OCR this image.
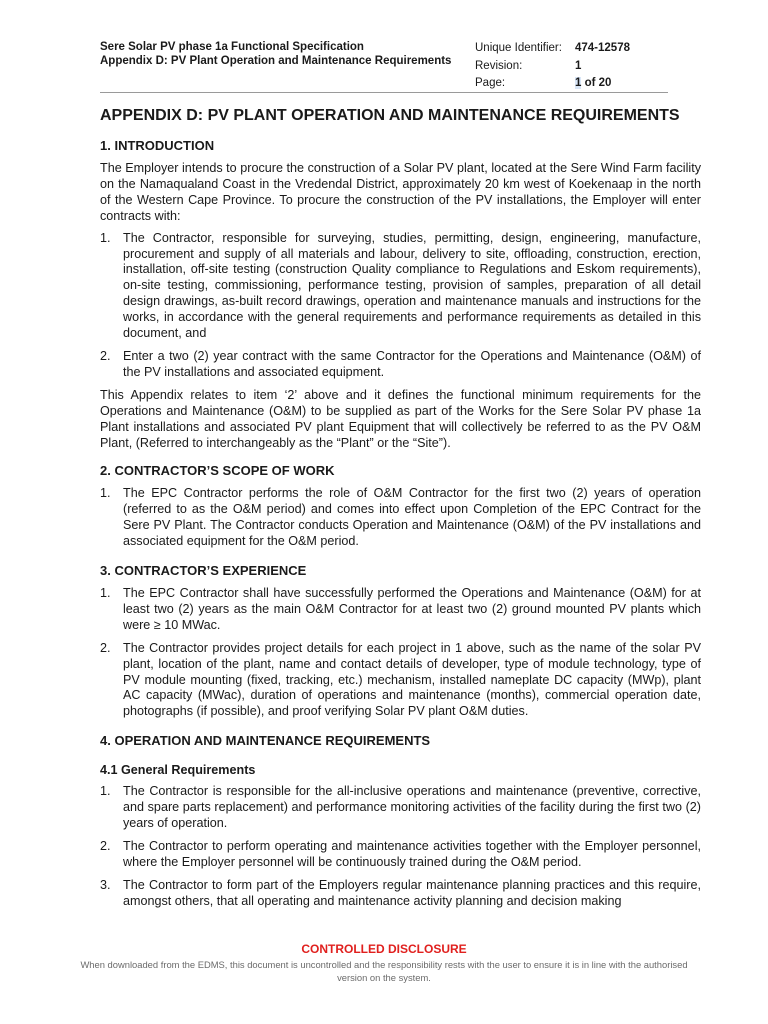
Sere Solar PV phase 1a Functional Specification

Appendix D: PV Plant Operation and Maintenance Requirements

Unique Identifier:	474-12578
Revision:	1
Page:	1 of 20
APPENDIX D: PV PLANT OPERATION AND MAINTENANCE REQUIREMENTS
1. INTRODUCTION

The Employer intends to procure the construction of a Solar PV plant, located at the Sere Wind Farm facility on the Namaqualand Coast in the Vredendal District, approximately 20 km west of Koekenaap in the north of the Western Cape Province. To procure the construction of the PV installations, the Employer will enter contracts with:

1. The Contractor, responsible for surveying, studies, permitting, design, engineering, manufacture, procurement and supply of all materials and labour, delivery to site, offloading, construction, erection, installation, off-site testing (construction Quality compliance to Regulations and Eskom requirements), on-site testing, commissioning, performance testing, provision of samples, preparation of all detail design drawings, as-built record drawings, operation and maintenance manuals and instructions for the works, in accordance with the general requirements and performance requirements as detailed in this document, and
2. Enter a two (2) year contract with the same Contractor for the Operations and Maintenance (O&M) of the PV installations and associated equipment.

This Appendix relates to item ‘2’ above and it defines the functional minimum requirements for the Operations and Maintenance (O&M) to be supplied as part of the Works for the Sere Solar PV phase 1a Plant installations and associated PV plant Equipment that will collectively be referred to as the PV O&M Plant, (Referred to interchangeably as the “Plant” or the “Site”).

2. CONTRACTOR’S SCOPE OF WORK
1. The EPC Contractor performs the role of O&M Contractor for the first two (2) years of operation (referred to as the O&M period) and comes into effect upon Completion of the EPC Contract for the Sere PV Plant. The Contractor conducts Operation and Maintenance (O&M) of the PV installations and associated equipment for the O&M period.
3. CONTRACTOR’S EXPERIENCE
1. The EPC Contractor shall have successfully performed the Operations and Maintenance (O&M) for at least two (2) years as the main O&M Contractor for at least two (2) ground mounted PV plants which were ≥ 10 MWac.
2. The Contractor provides project details for each project in 1 above, such as the name of the solar PV plant, location of the plant, name and contact details of developer, type of module technology, type of PV module mounting (fixed, tracking, etc.) mechanism, installed nameplate DC capacity (MWp), plant AC capacity (MWac), duration of operations and maintenance (months), commercial operation date, photographs (if possible), and proof verifying Solar PV plant O&M duties.
4. OPERATION AND MAINTENANCE REQUIREMENTS
4.1 General Requirements
1. The Contractor is responsible for the all-inclusive operations and maintenance (preventive, corrective, and spare parts replacement) and performance monitoring activities of the facility during the first two (2) years of operation.
2. The Contractor to perform operating and maintenance activities together with the Employer personnel, where the Employer personnel will be continuously trained during the O&M period.
3. The Contractor to form part of the Employers regular maintenance planning practices and this require, amongst others, that all operating and maintenance activity planning and decision making

CONTROLLED DISCLOSURE

When downloaded from the EDMS, this document is uncontrolled and the responsibility rests with the user to ensure it is in line with the authorised version on the system.
